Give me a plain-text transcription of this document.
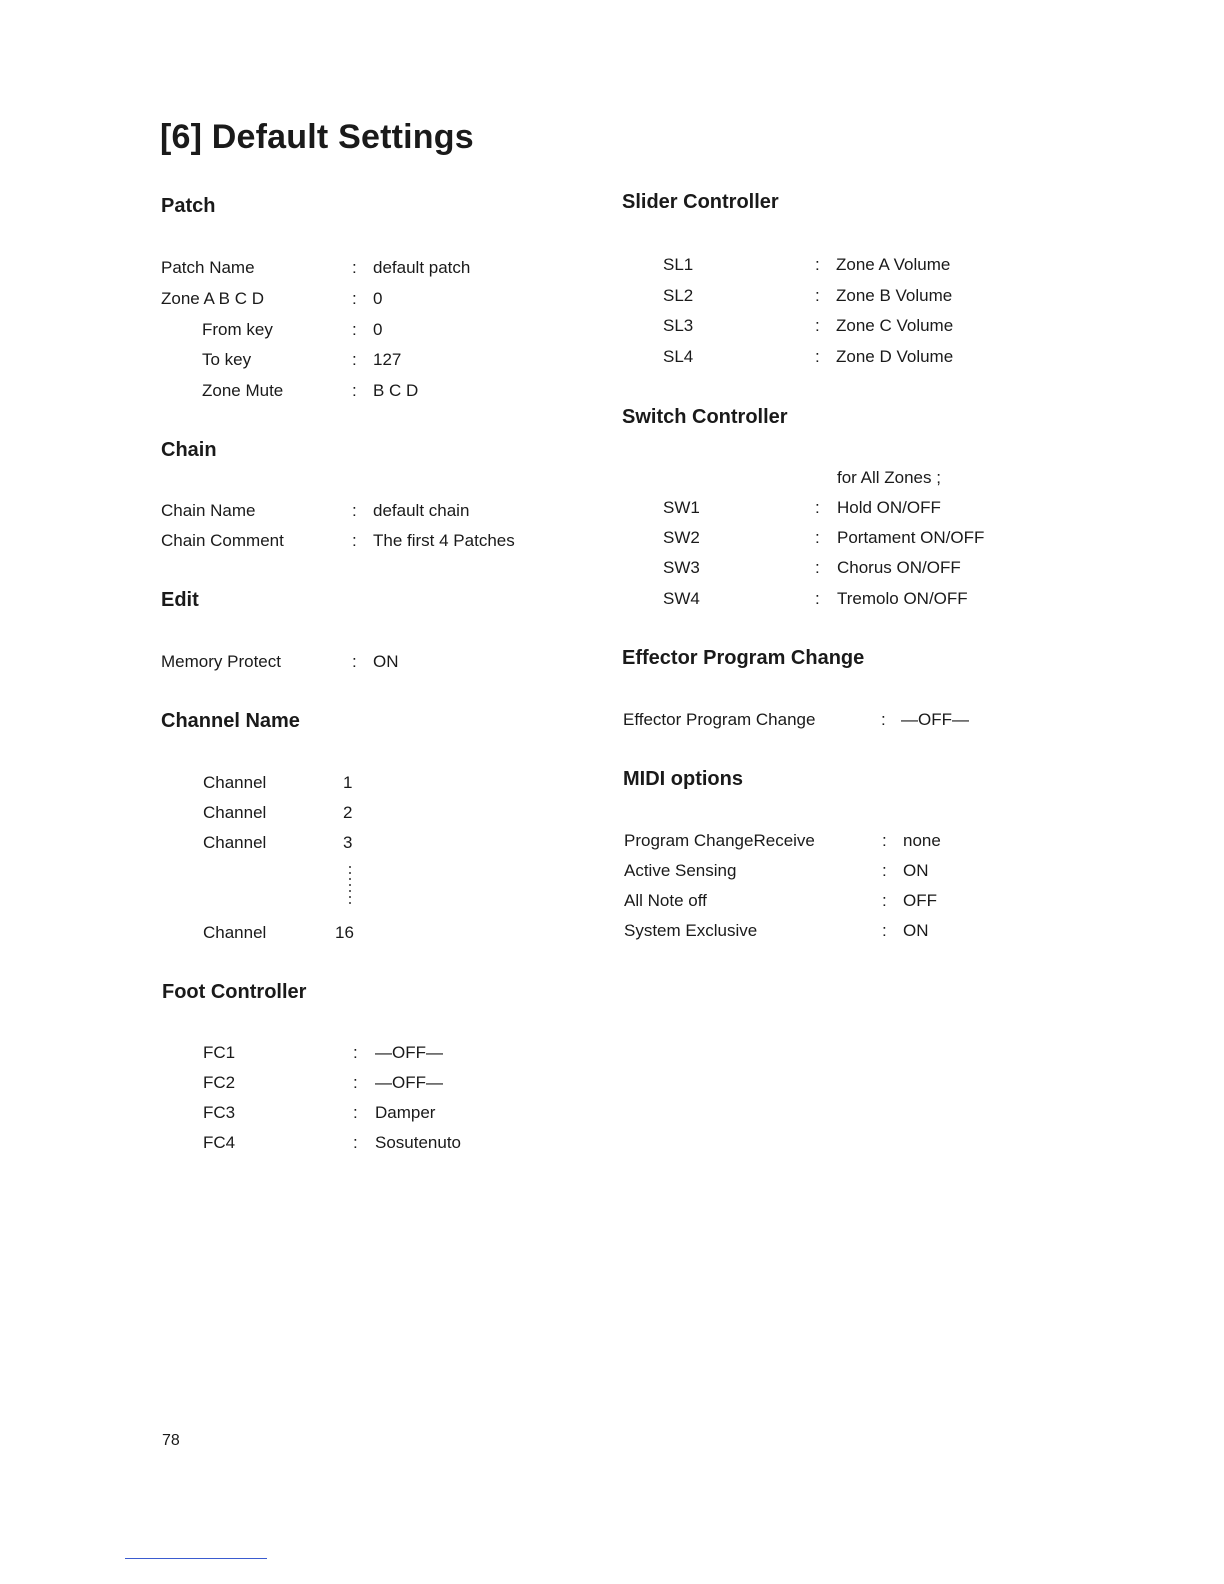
[6] Default Settings
Patch
Patch Name	: default patch
Zone A B C D	: 0
From key	: 0
To key	: 127
Zone Mute	: B C D
Chain
Chain Name	: default chain
Chain Comment	: The first 4 Patches
Edit
Memory Protect	: ON
Channel Name
Channel	1
Channel	2
Channel	3
Channel	16
Foot Controller
FC1	: —OFF—
FC2	: —OFF—
FC3	: Damper
FC4	: Sosutenuto
Slider Controller
SL1	: Zone A Volume
SL2	: Zone B Volume
SL3	: Zone C Volume
SL4	: Zone D Volume
Switch Controller
for All Zones ;
SW1	: Hold ON/OFF
SW2	: Portament ON/OFF
SW3	: Chorus ON/OFF
SW4	: Tremolo ON/OFF
Effector Program Change
Effector Program Change	: —OFF—
MIDI options
Program ChangeReceive	: none
Active Sensing	: ON
All Note off	: OFF
System Exclusive	: ON
78
